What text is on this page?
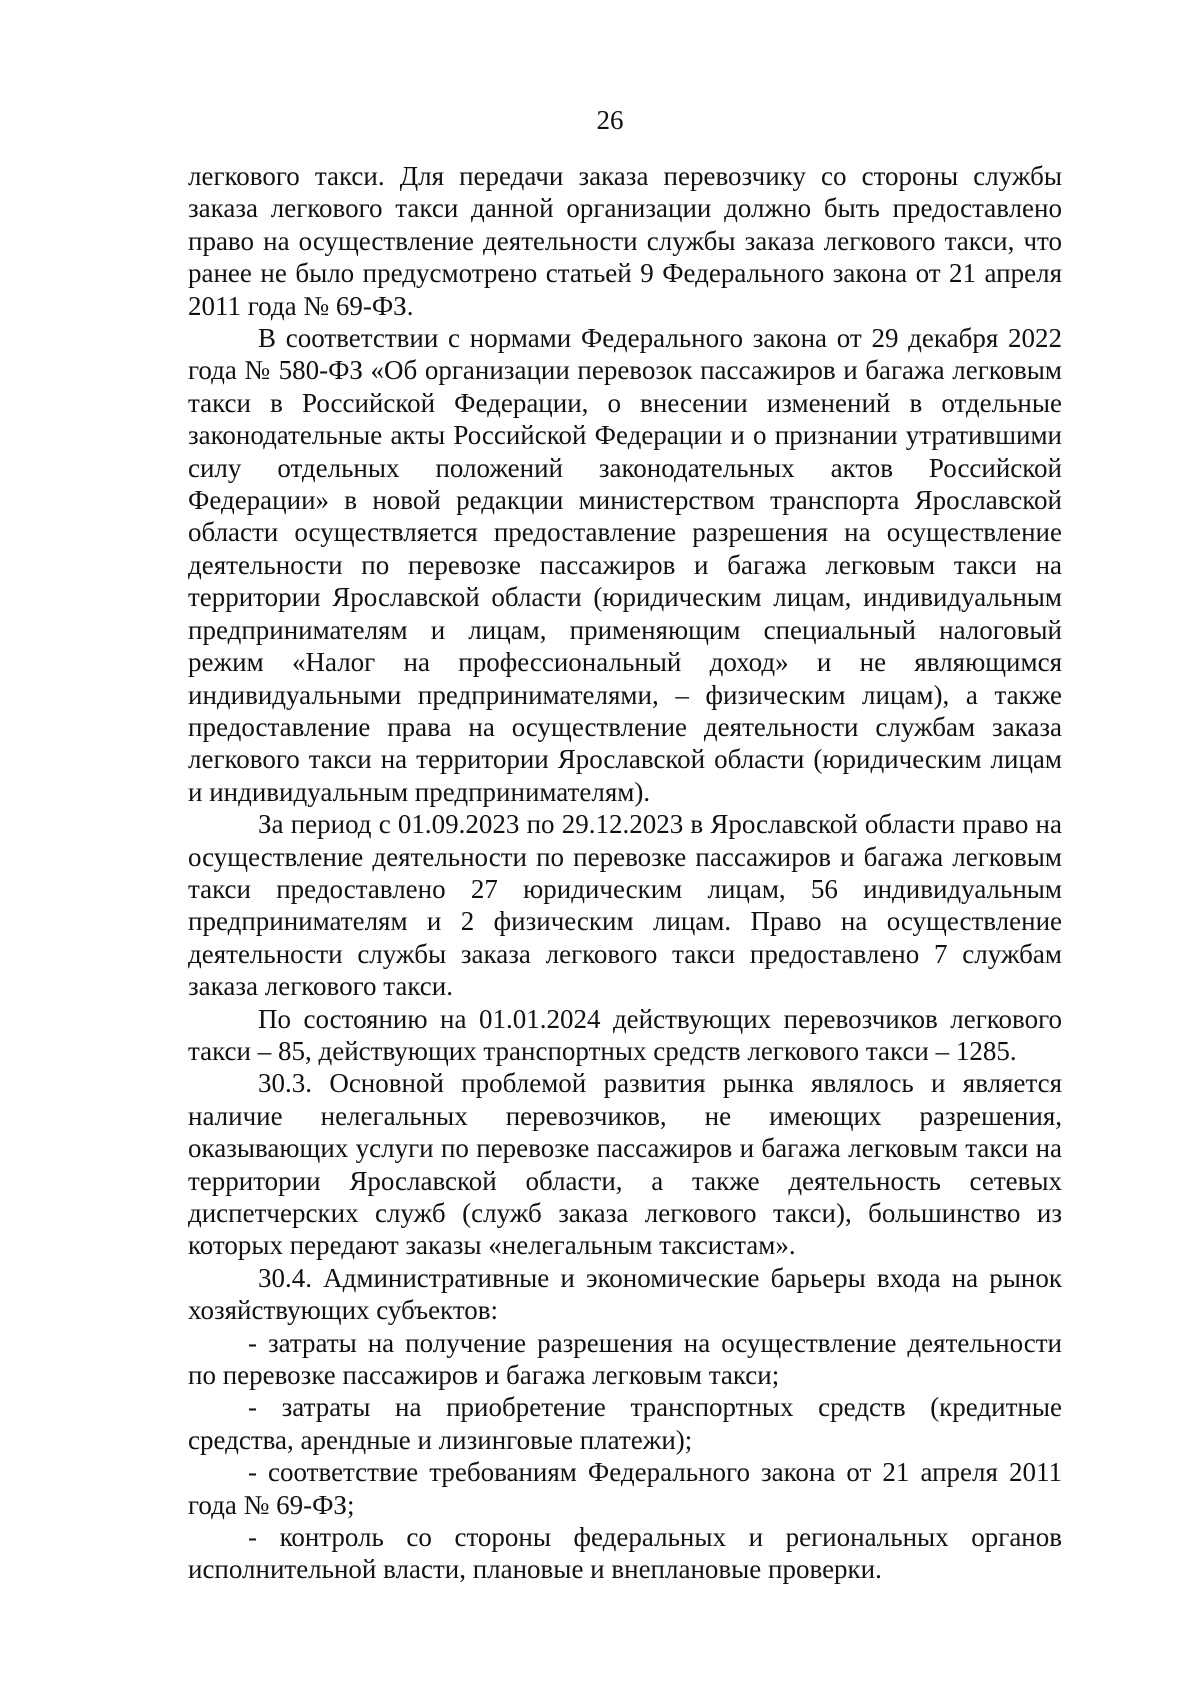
26

легкового такси. Для передачи заказа перевозчику со стороны службы заказа легкового такси данной организации должно быть предоставлено право на осуществление деятельности службы заказа легкового такси, что ранее не было предусмотрено статьей 9 Федерального закона от 21 апреля 2011 года № 69-ФЗ.

В соответствии с нормами Федерального закона от 29 декабря 2022 года № 580-ФЗ «Об организации перевозок пассажиров и багажа легковым такси в Российской Федерации, о внесении изменений в отдельные законодательные акты Российской Федерации и о признании утратившими силу отдельных положений законодательных актов Российской Федерации» в новой редакции министерством транспорта Ярославской области осуществляется предоставление разрешения на осуществление деятельности по перевозке пассажиров и багажа легковым такси на территории Ярославской области (юридическим лицам, индивидуальным предпринимателям и лицам, применяющим специальный налоговый режим «Налог на профессиональный доход» и не являющимся индивидуальными предпринимателями, – физическим лицам), а также предоставление права на осуществление деятельности службам заказа легкового такси на территории Ярославской области (юридическим лицам и индивидуальным предпринимателям).

За период с 01.09.2023 по 29.12.2023 в Ярославской области право на осуществление деятельности по перевозке пассажиров и багажа легковым такси предоставлено 27 юридическим лицам, 56 индивидуальным предпринимателям и 2 физическим лицам. Право на осуществление деятельности службы заказа легкового такси предоставлено 7 службам заказа легкового такси.

По состоянию на 01.01.2024 действующих перевозчиков легкового такси – 85, действующих транспортных средств легкового такси – 1285.

30.3. Основной проблемой развития рынка являлось и является наличие нелегальных перевозчиков, не имеющих разрешения, оказывающих услуги по перевозке пассажиров и багажа легковым такси на территории Ярославской области, а также деятельность сетевых диспетчерских служб (служб заказа легкового такси), большинство из которых передают заказы «нелегальным таксистам».

30.4. Административные и экономические барьеры входа на рынок хозяйствующих субъектов:

- затраты на получение разрешения на осуществление деятельности по перевозке пассажиров и багажа легковым такси;

- затраты на приобретение транспортных средств (кредитные средства, арендные и лизинговые платежи);

- соответствие требованиям Федерального закона от 21 апреля 2011 года № 69-ФЗ;

- контроль со стороны федеральных и региональных органов исполнительной власти, плановые и внеплановые проверки.
